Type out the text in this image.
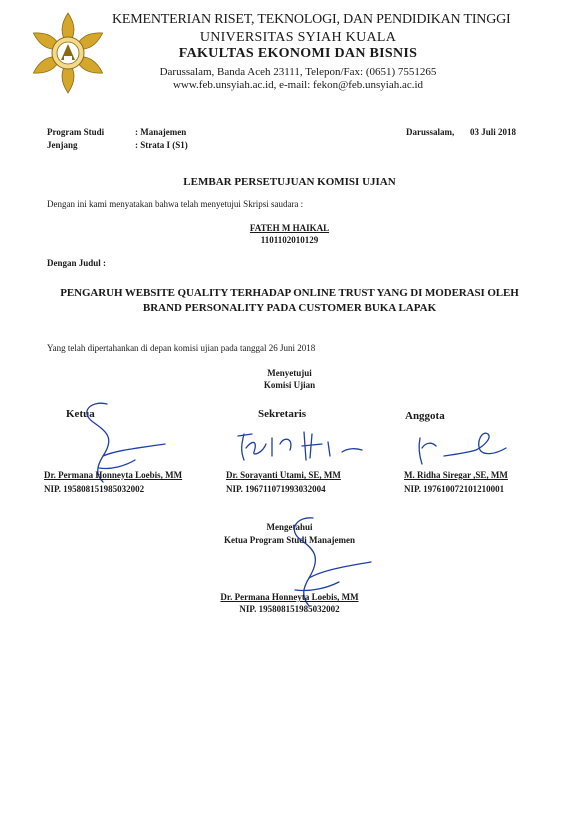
KEMENTERIAN RISET, TEKNOLOGI, DAN PENDIDIKAN TINGGI
UNIVERSITAS SYIAH KUALA
FAKULTAS EKONOMI DAN BISNIS
Darussalam, Banda Aceh 23111, Telepon/Fax: (0651) 7551265
www.feb.unsyiah.ac.id, e-mail: fekon@feb.unsyiah.ac.id
Program Studi	: Manajemen
Jenjang	: Strata I (S1)
Darussalam, 03 Juli 2018
LEMBAR PERSETUJUAN KOMISI UJIAN
Dengan ini kami menyatakan bahwa telah menyetujui Skripsi saudara :
FATEH M HAIKAL
1101102010129
Dengan Judul :
PENGARUH WEBSITE QUALITY TERHADAP ONLINE TRUST YANG DI MODERASI OLEH
BRAND PERSONALITY PADA CUSTOMER BUKA LAPAK
Yang telah dipertahankan di depan komisi ujian pada tanggal 26 Juni 2018
Menyetujui
Komisi Ujian
Ketua	Sekretaris	Anggota
Dr. Permana Honneyta Loebis, MM
NIP. 195808151985032002
Dr. Sorayanti Utami, SE, MM
NIP. 196711071993032004
M. Ridha Siregar ,SE, MM
NIP. 197610072101210001
Mengetahui
Ketua Program Studi Manajemen
Dr. Permana Honneyta Loebis, MM
NIP. 195808151985032002
